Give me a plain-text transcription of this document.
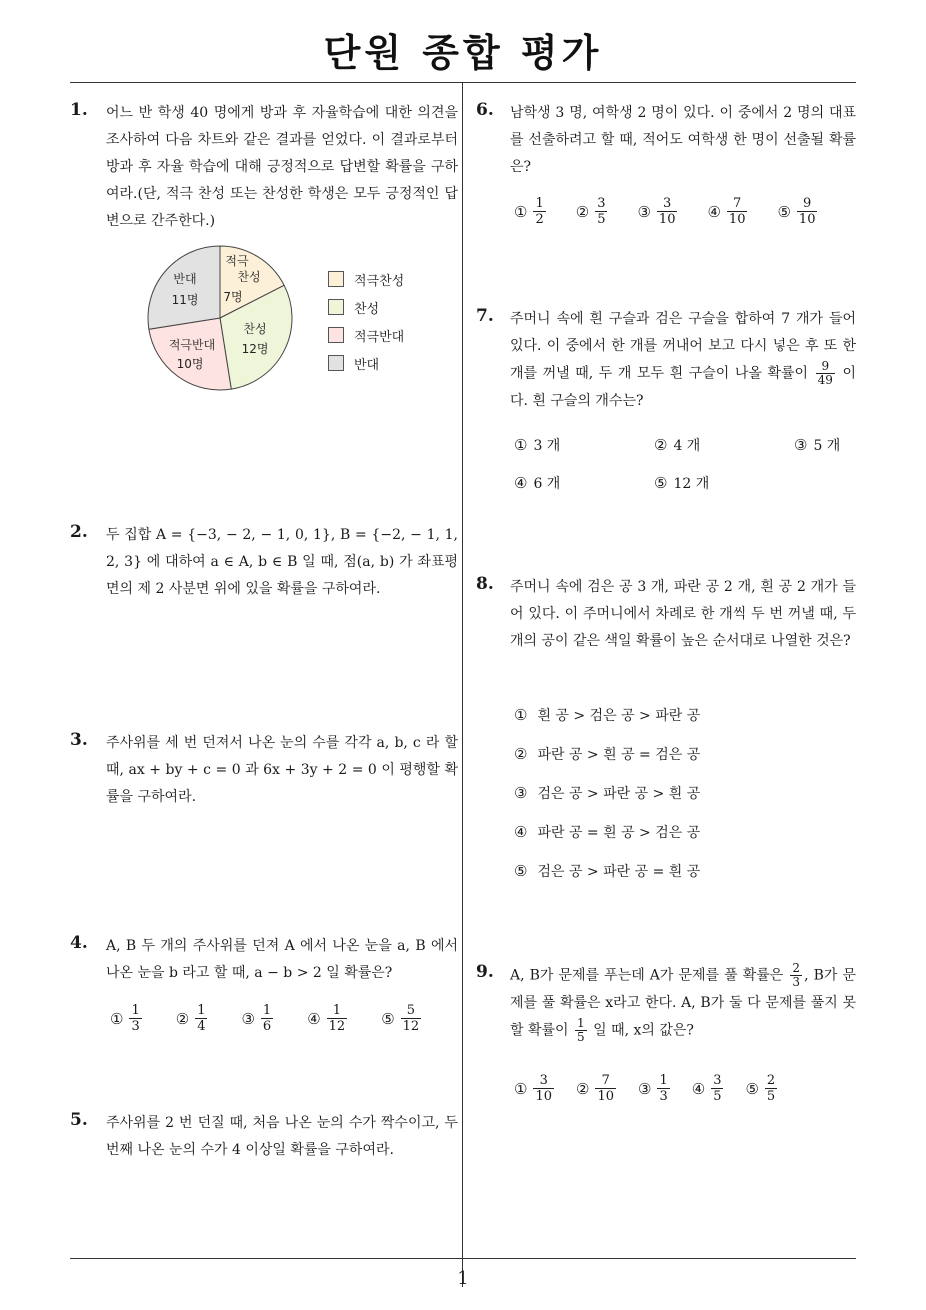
단원 종합 평가
1
1. 어느 반 학생 40 명에게 방과 후 자율학습에 대한 의견을 조사하여 다음 차트와 같은 결과를 얻었다. 이 결과로부터 방과 후 자율 학습에 대해 긍정적으로 답변할 확률을 구하여라.(단, 적극 찬성 또는 찬성한 학생은 모두 긍정적인 답변으로 간주한다.)
적극
찬성
7명
찬성
12명
적극반대
10명
반대
11명
적극찬성
찬성
적극반대
반대
2. 두 집합 A = {−3, − 2, − 1, 0, 1}, B = {−2, − 1, 1, 2, 3} 에 대하여 a ∈ A, b ∈ B 일 때, 점(a, b) 가 좌표평면의 제 2 사분면 위에 있을 확률을 구하여라.
3. 주사위를 세 번 던져서 나온 눈의 수를 각각 a, b, c 라 할 때, ax + by + c = 0 과 6x + 3y + 2 = 0 이 평행할 확률을 구하여라.
4. A, B 두 개의 주사위를 던져 A 에서 나온 눈을 a, B 에서 나온 눈을 b 라고 할 때, a − b > 2 일 확률은?
① $\frac{1}{3}$ ② $\frac{1}{4}$ ③ $\frac{1}{6}$ ④ $\frac{1}{12}$ ⑤ $\frac{5}{12}$
5. 주사위를 2 번 던질 때, 처음 나온 눈의 수가 짝수이고, 두 번째 나온 눈의 수가 4 이상일 확률을 구하여라.
6. 남학생 3 명, 여학생 2 명이 있다. 이 중에서 2 명의 대표를 선출하려고 할 때, 적어도 여학생 한 명이 선출될 확률은?
① $\frac{1}{2}$ ② $\frac{3}{5}$ ③ $\frac{3}{10}$ ④ $\frac{7}{10}$ ⑤ $\frac{9}{10}$
7. 주머니 속에 흰 구슬과 검은 구슬을 합하여 7 개가 들어 있다. 이 중에서 한 개를 꺼내어 보고 다시 넣은 후 또 한 개를 꺼낼 때, 두 개 모두 흰 구슬이 나올 확률이 $\frac{9}{49}$ 이다. 흰 구슬의 개수는?
① 3 개	② 4 개	③ 5 개
④ 6 개	⑤ 12 개
8. 주머니 속에 검은 공 3 개, 파란 공 2 개, 흰 공 2 개가 들어 있다. 이 주머니에서 차례로 한 개씩 두 번 꺼낼 때, 두 개의 공이 같은 색일 확률이 높은 순서대로 나열한 것은?
① 흰 공 > 검은 공 > 파란 공
② 파란 공 > 흰 공 = 검은 공
③ 검은 공 > 파란 공 > 흰 공
④ 파란 공 = 흰 공 > 검은 공
⑤ 검은 공 > 파란 공 = 흰 공
9. A, B가 문제를 푸는데 A가 문제를 풀 확률은 $\frac{2}{3}$ , B가 문제를 풀 확률은 x라고 한다. A, B가 둘 다 문제를 풀지 못할 확률이 $\frac{1}{5}$ 일 때, x의 값은?
① $\frac{3}{10}$ ② $\frac{7}{10}$ ③ $\frac{1}{3}$ ④ $\frac{3}{5}$ ⑤ $\frac{2}{5}$
